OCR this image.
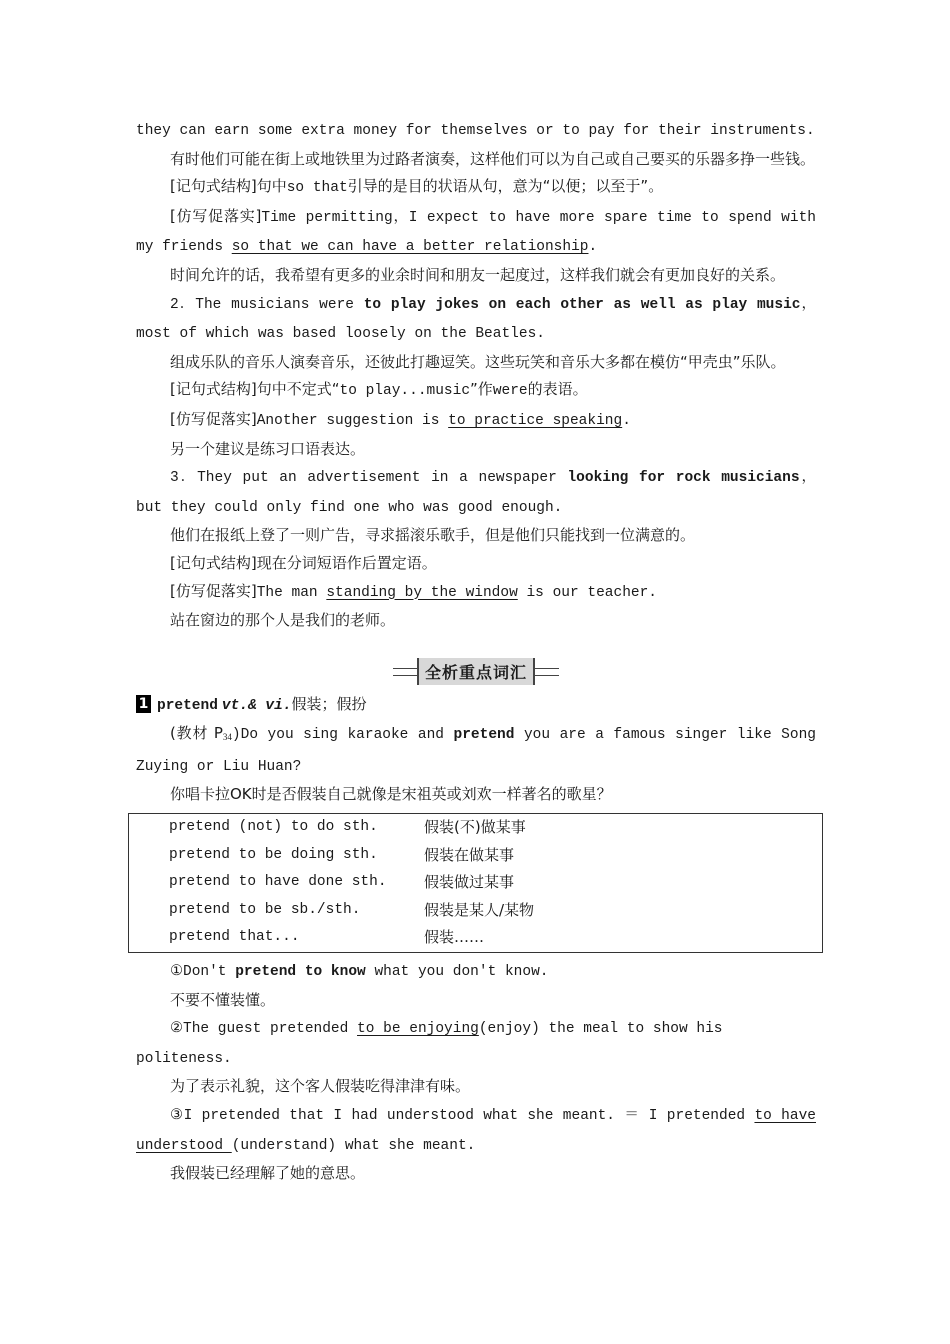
they can earn some extra money for themselves or to pay for their instruments.

有时他们可能在街上或地铁里为过路者演奏，这样他们可以为自己或自己要买的乐器多挣一些钱。

[记句式结构]句中so that引导的是目的状语从句，意为“以便；以至于”。

[仿写促落实]Time permitting，I expect to have more spare time to spend with my friends so that we can have a better relationship.

时间允许的话，我希望有更多的业余时间和朋友一起度过，这样我们就会有更加良好的关系。

2．The musicians were to play jokes on each other as well as play music，most of which was based loosely on the Beatles.

组成乐队的音乐人演奏音乐，还彼此打趣逗笑。这些玩笑和音乐大多都在模仿“甲壳虫”乐队。

[记句式结构]句中不定式“to play...music”作were的表语。

[仿写促落实]Another suggestion is to practice speaking.

另一个建议是练习口语表达。

3．They put an advertisement in a newspaper looking for rock musicians，but they could only find one who was good enough.

他们在报纸上登了一则广告，寻求摇滚乐歌手，但是他们只能找到一位满意的。

[记句式结构]现在分词短语作后置定语。

[仿写促落实]The man standing by the window is our teacher.

站在窗边的那个人是我们的老师。

全析重点词汇

1 pretend vt.& vi.假装；假扮

(教材 $P_{34})Do$ you sing karaoke and pretend you are a famous singer like Song Zuying or Liu Huan?

你唱卡拉OK时是否假装自己就像是宋祖英或刘欢一样著名的歌星？

pretend (not) to do sth.	假装(不)做某事
pretend to be doing sth.	假装在做某事
pretend to have done sth.	假装做过某事
pretend to be sb./sth.	假装是某人/某物
pretend that...	假装……

①Don′t pretend to know what you don′t know.

不要不懂装懂。

②The guest pretended to be enjoying(enjoy) the meal to show his politeness.

为了表示礼貌，这个客人假装吃得津津有味。

③I pretended that I had understood what she meant. ＝ I pretended to have understood (understand) what she meant.

我假装已经理解了她的意思。
